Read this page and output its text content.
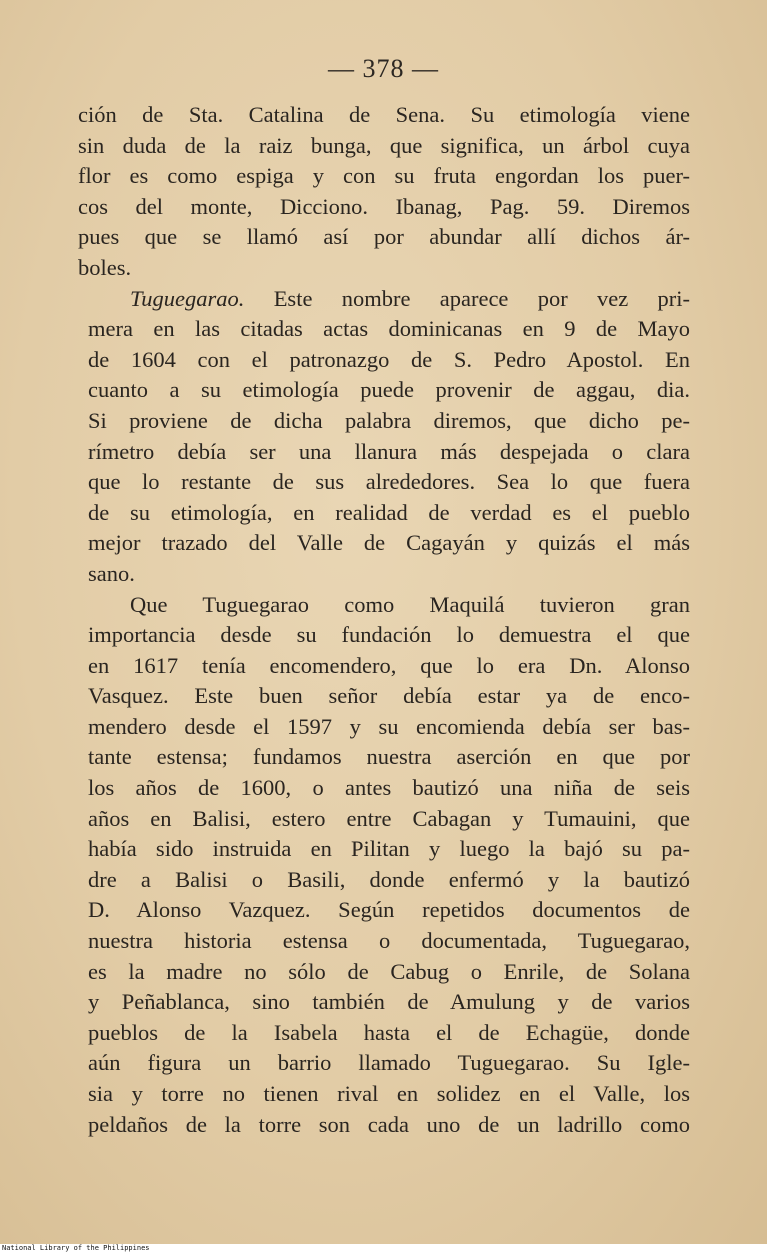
— 378 —
ción de Sta. Catalina de Sena. Su etimología viene
sin duda de la raiz bunga, que significa, un árbol cuya
flor es como espiga y con su fruta engordan los puer-
cos del monte, Dicciono. Ibanag, Pag. 59. Diremos
pues que se llamó así por abundar allí dichos ár-
boles.
Tuguegarao. Este nombre aparece por vez pri-
mera en las citadas actas dominicanas en 9 de Mayo
de 1604 con el patronazgo de S. Pedro Apostol. En
cuanto a su etimología puede provenir de aggau, dia.
Si proviene de dicha palabra diremos, que dicho pe-
rímetro debía ser una llanura más despejada o clara
que lo restante de sus alrededores. Sea lo que fuera
de su etimología, en realidad de verdad es el pueblo
mejor trazado del Valle de Cagayán y quizás el más
sano.
Que Tuguegarao como Maquilá tuvieron gran
importancia desde su fundación lo demuestra el que
en 1617 tenía encomendero, que lo era Dn. Alonso
Vasquez. Este buen señor debía estar ya de enco-
mendero desde el 1597 y su encomienda debía ser bas-
tante estensa; fundamos nuestra aserción en que por
los años de 1600, o antes bautizó una niña de seis
años en Balisi, estero entre Cabagan y Tumauini, que
había sido instruida en Pilitan y luego la bajó su pa-
dre a Balisi o Basili, donde enfermó y la bautizó
D. Alonso Vazquez. Según repetidos documentos de
nuestra historia estensa o documentada, Tuguegarao,
es la madre no sólo de Cabug o Enrile, de Solana
y Peñablanca, sino también de Amulung y de varios
pueblos de la Isabela hasta el de Echagüe, donde
aún figura un barrio llamado Tuguegarao. Su Igle-
sia y torre no tienen rival en solidez en el Valle, los
peldaños de la torre son cada uno de un ladrillo como
National Library of the Philippines
